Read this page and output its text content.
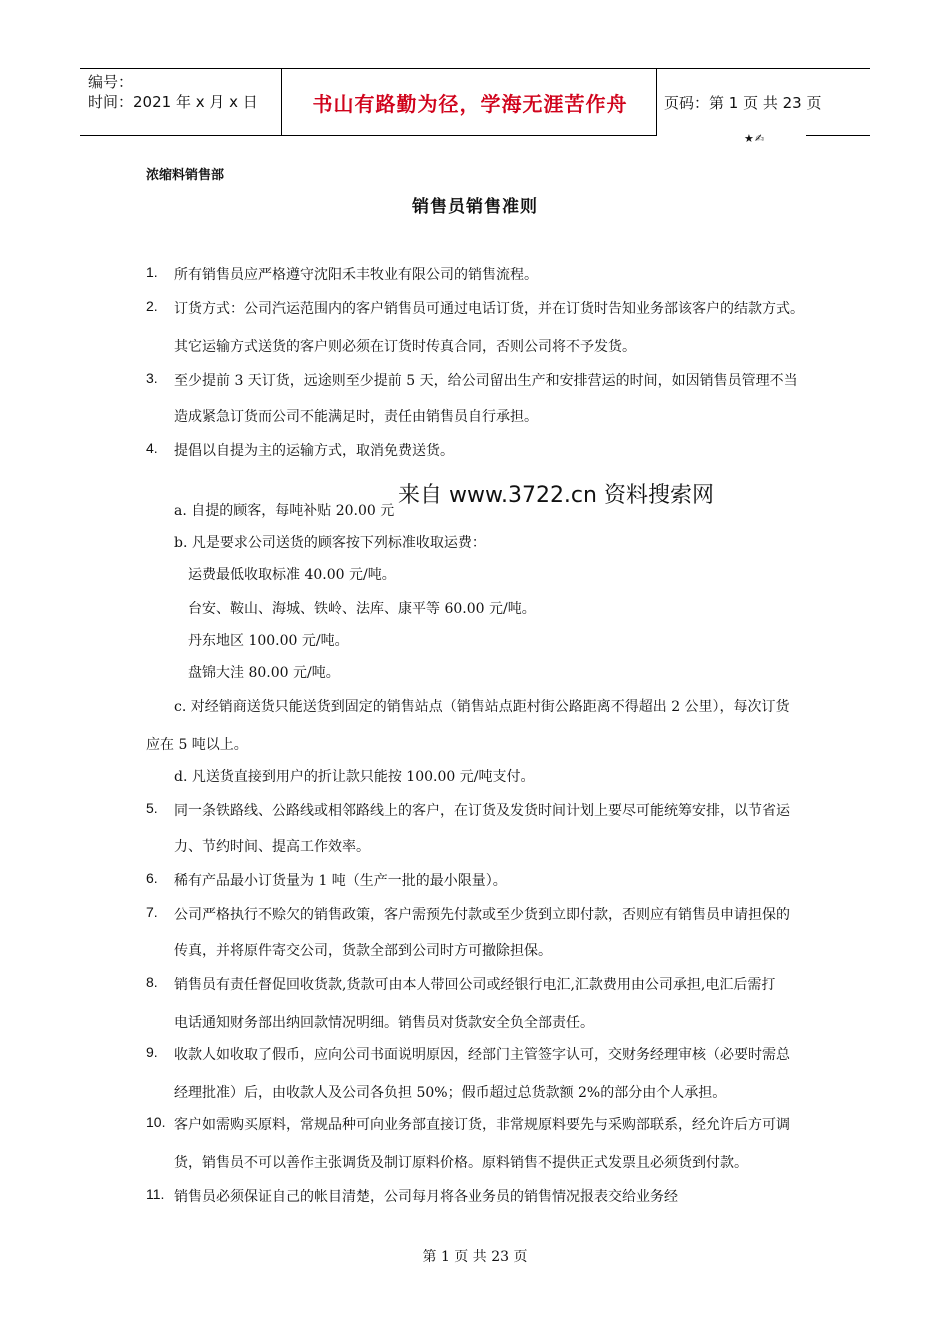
编号：
时间：2021 年 x 月 x 日	书山有路勤为径，学海无涯苦作舟	页码：第 1 页 共 23 页
★✍
浓缩料销售部
销售员销售准则
1. 所有销售员应严格遵守沈阳禾丰牧业有限公司的销售流程。
2. 订货方式：公司汽运范围内的客户销售员可通过电话订货，并在订货时告知业务部该客户的结款方式。
其它运输方式送货的客户则必须在订货时传真合同，否则公司将不予发货。
3. 至少提前 3 天订货，远途则至少提前 5 天，给公司留出生产和安排营运的时间，如因销售员管理不当
造成紧急订货而公司不能满足时，责任由销售员自行承担。
4. 提倡以自提为主的运输方式，取消免费送货。
来自 www.3722.cn 资料搜索网
a. 自提的顾客，每吨补贴 20.00 元
b. 凡是要求公司送货的顾客按下列标准收取运费：
运费最低收取标准 40.00 元/吨。
台安、鞍山、海城、铁岭、法库、康平等 60.00 元/吨。
丹东地区 100.00 元/吨。
盘锦大洼 80.00 元/吨。
c. 对经销商送货只能送货到固定的销售站点（销售站点距村街公路距离不得超出 2 公里），每次订货
应在 5 吨以上。
d. 凡送货直接到用户的折让款只能按 100.00 元/吨支付。
5. 同一条铁路线、公路线或相邻路线上的客户，在订货及发货时间计划上要尽可能统筹安排，以节省运
力、节约时间、提高工作效率。
6. 稀有产品最小订货量为 1 吨（生产一批的最小限量）。
7. 公司严格执行不赊欠的销售政策，客户需预先付款或至少货到立即付款，否则应有销售员申请担保的
传真，并将原件寄交公司，货款全部到公司时方可撤除担保。
8. 销售员有责任督促回收货款,货款可由本人带回公司或经银行电汇,汇款费用由公司承担,电汇后需打
电话通知财务部出纳回款情况明细。销售员对货款安全负全部责任。
9. 收款人如收取了假币，应向公司书面说明原因，经部门主管签字认可，交财务经理审核（必要时需总
经理批准）后，由收款人及公司各负担 50%；假币超过总货款额 2%的部分由个人承担。
10. 客户如需购买原料，常规品种可向业务部直接订货，非常规原料要先与采购部联系，经允许后方可调
货，销售员不可以善作主张调货及制订原料价格。原料销售不提供正式发票且必须货到付款。
11. 销售员必须保证自己的帐目清楚，公司每月将各业务员的销售情况报表交给业务经
第 1 页 共 23 页
